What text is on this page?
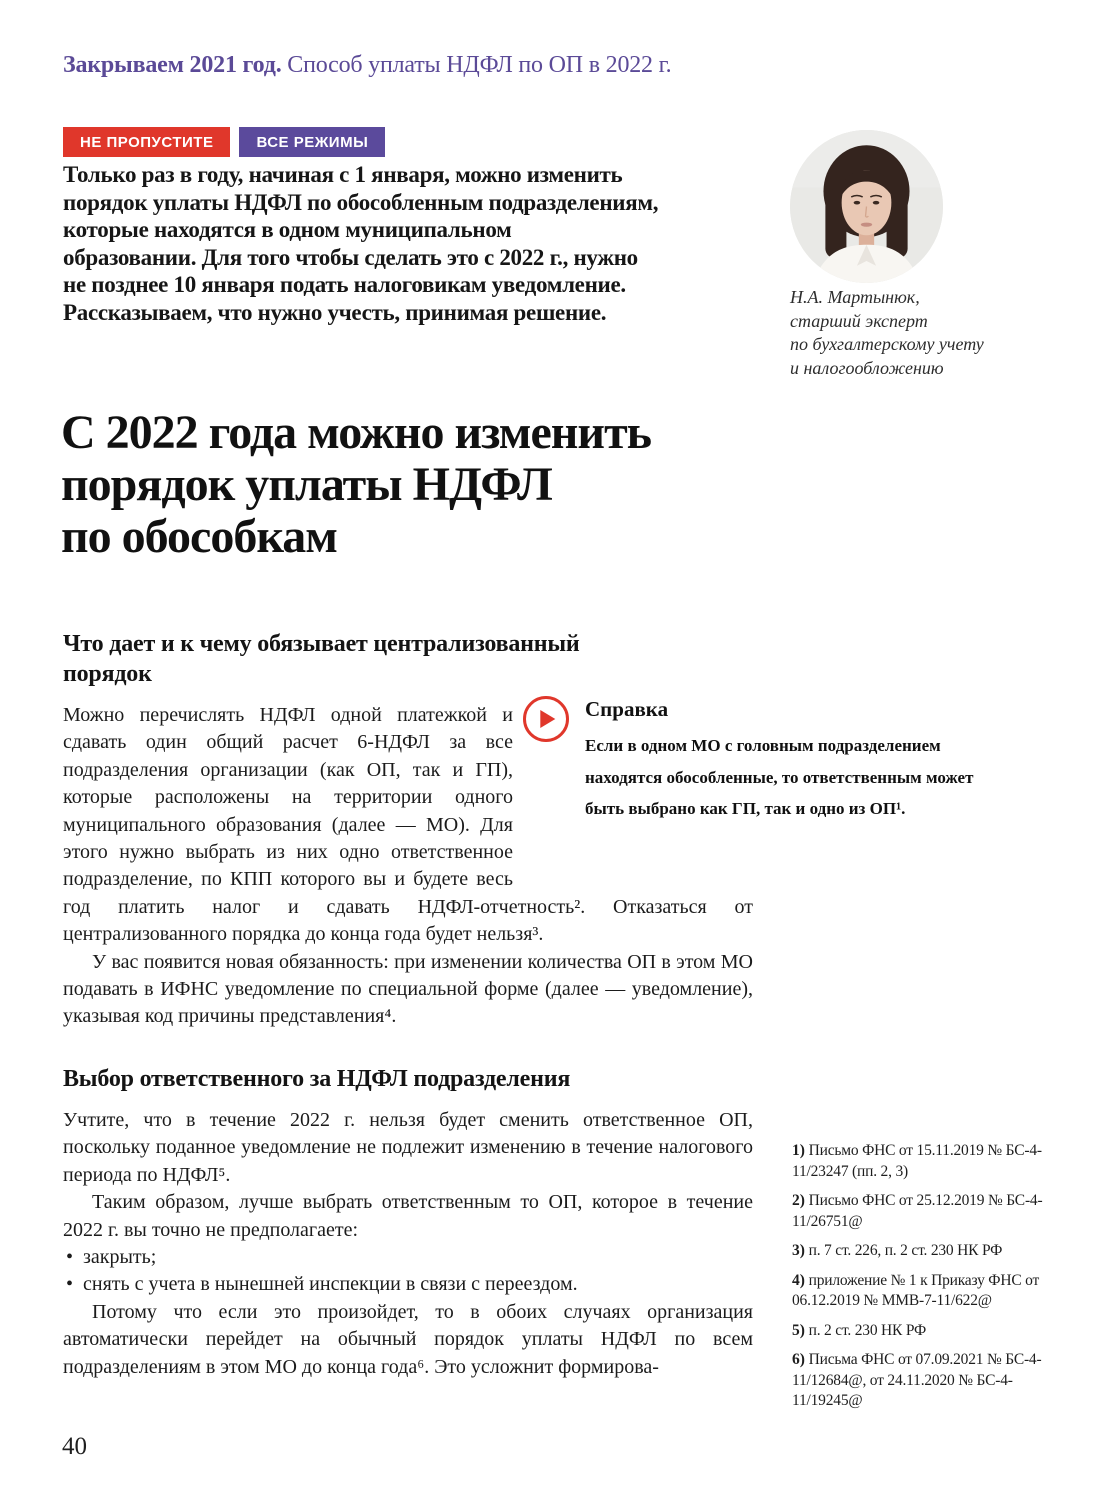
Закрываем 2021 год. Способ уплаты НДФЛ по ОП в 2022 г.
НЕ ПРОПУСТИТЕ	ВСЕ РЕЖИМЫ
Только раз в году, начиная с 1 января, можно изменить
порядок уплаты НДФЛ по обособленным подразделениям,
которые находятся в одном муниципальном
образовании. Для того чтобы сделать это с 2022 г., нужно
не позднее 10 января подать налоговикам уведомление.
Рассказываем, что нужно учесть, принимая решение.
Н.А. Мартынюк,
старший эксперт
по бухгалтерскому учету
и налогообложению
С 2022 года можно изменить
порядок уплаты НДФЛ
по обособкам
Что дает и к чему обязывает централизованный порядок
Справка
Если в одном МО с головным подразделением находятся обособленные, то ответственным может быть выбрано как ГП, так и одно из ОП¹.

Можно перечислять НДФЛ одной платежкой и сдавать один общий расчет 6-НДФЛ за все подразделения организации (как ОП, так и ГП), которые расположены на территории одного муниципального образования (далее — МО). Для этого нужно выбрать из них одно ответственное подразделение, по КПП которого вы и будете весь год платить налог и сдавать НДФЛ-отчетность². Отказаться от централизованного порядка до конца года будет нельзя³.

У вас появится новая обязанность: при изменении количества ОП в этом МО подавать в ИФНС уведомление по специальной форме (далее — уведомление), указывая код причины представления⁴.

Выбор ответственного за НДФЛ подразделения

Учтите, что в течение 2022 г. нельзя будет сменить ответственное ОП, поскольку поданное уведомление не подлежит изменению в течение налогового периода по НДФЛ⁵.

Таким образом, лучше выбрать ответственным то ОП, которое в течение 2022 г. вы точно не предполагаете:

• закрыть;
• снять с учета в нынешней инспекции в связи с переездом.

Потому что если это произойдет, то в обоих случаях организация автоматически перейдет на обычный порядок уплаты НДФЛ по всем подразделениям в этом МО до конца года⁶. Это усложнит формирова-

1) Письмо ФНС от 15.11.2019 № БС-4-11/23247 (пп. 2, 3)
2) Письмо ФНС от 25.12.2019 № БС-4-11/26751@
3) п. 7 ст. 226, п. 2 ст. 230 НК РФ
4) приложение № 1 к Приказу ФНС от 06.12.2019 № ММВ-7-11/622@
5) п. 2 ст. 230 НК РФ
6) Письма ФНС от 07.09.2021 № БС-4-11/12684@, от 24.11.2020 № БС-4-11/19245@
40
